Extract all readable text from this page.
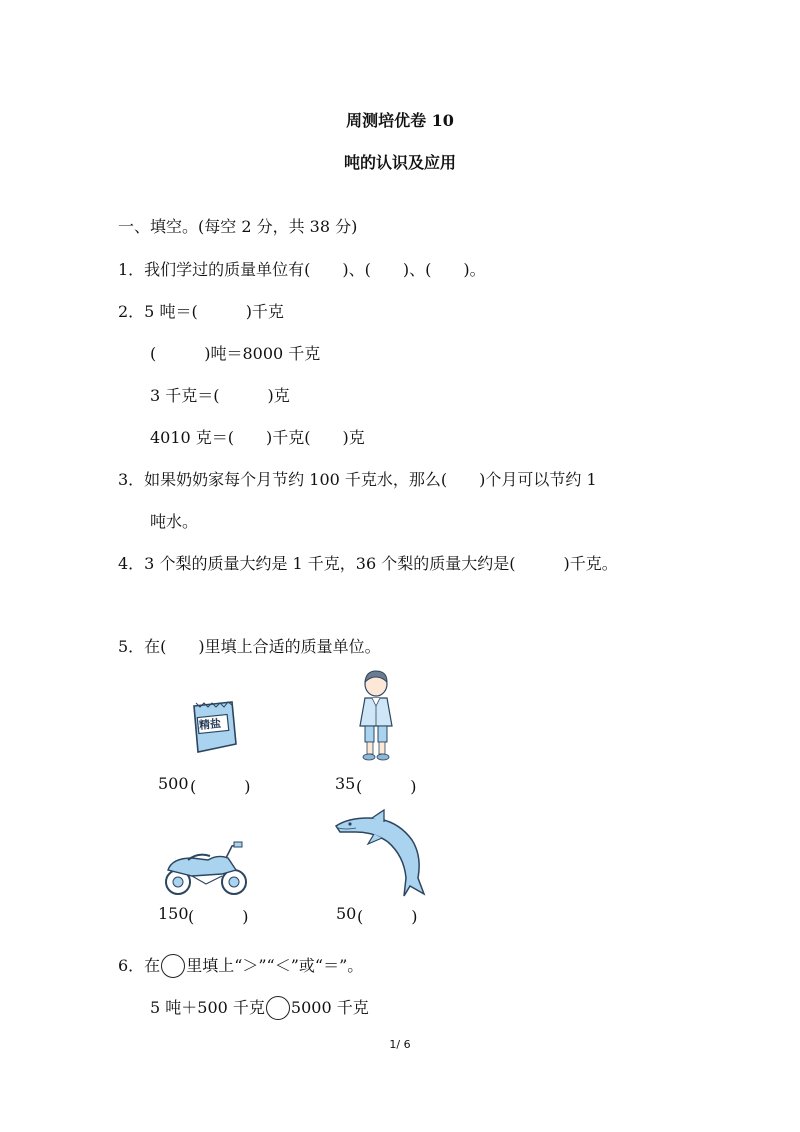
周测培优卷 10
吨的认识及应用
一、填空。(每空 2 分，共 38 分)
1．我们学过的质量单位有(　　)、(　　)、(　　)。
2．5 吨＝(　　　)千克
(　　　)吨＝8000 千克
3 千克＝(　　　)克
4010 克＝(　　)千克(　　)克
3．如果奶奶家每个月节约 100 千克水，那么(　　)个月可以节约 1
吨水。
4．3 个梨的质量大约是 1 千克，36 个梨的质量大约是(　　　)千克。
5．在(　　)里填上合适的质量单位。
精盐
500 (　　　)	35 (　　　)
150 (　　　)	50 (　　　)
6．在 里填上“＞”“＜”或“＝”。
5 吨＋500 千克 5000 千克
1/ 6
